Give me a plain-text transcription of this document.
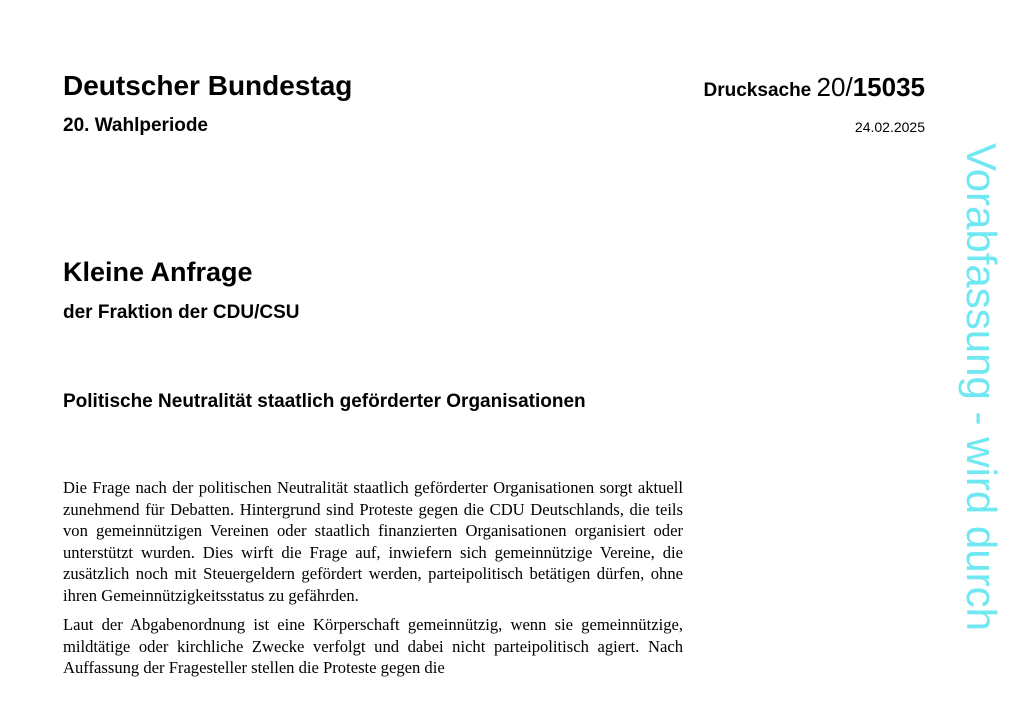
Deutscher Bundestag
20. Wahlperiode
Drucksache 20/15035
24.02.2025
Kleine Anfrage
der Fraktion der CDU/CSU
Politische Neutralität staatlich geförderter Organisationen

Die Frage nach der politischen Neutralität staatlich geförderter Organisationen sorgt aktuell zunehmend für Debatten. Hintergrund sind Proteste gegen die CDU Deutschlands, die teils von gemeinnützigen Vereinen oder staatlich finanzierten Organisationen organisiert oder unterstützt wurden. Dies wirft die Frage auf, inwiefern sich gemeinnützige Vereine, die zusätzlich noch mit Steuergeldern gefördert werden, parteipolitisch betätigen dürfen, ohne ihren Gemeinnützigkeitsstatus zu gefährden.

Laut der Abgabenordnung ist eine Körperschaft gemeinnützig, wenn sie gemeinnützige, mildtätige oder kirchliche Zwecke verfolgt und dabei nicht parteipolitisch agiert. Nach Auffassung der Fragesteller stellen die Proteste gegen die

Vorabfassung - wird durch
